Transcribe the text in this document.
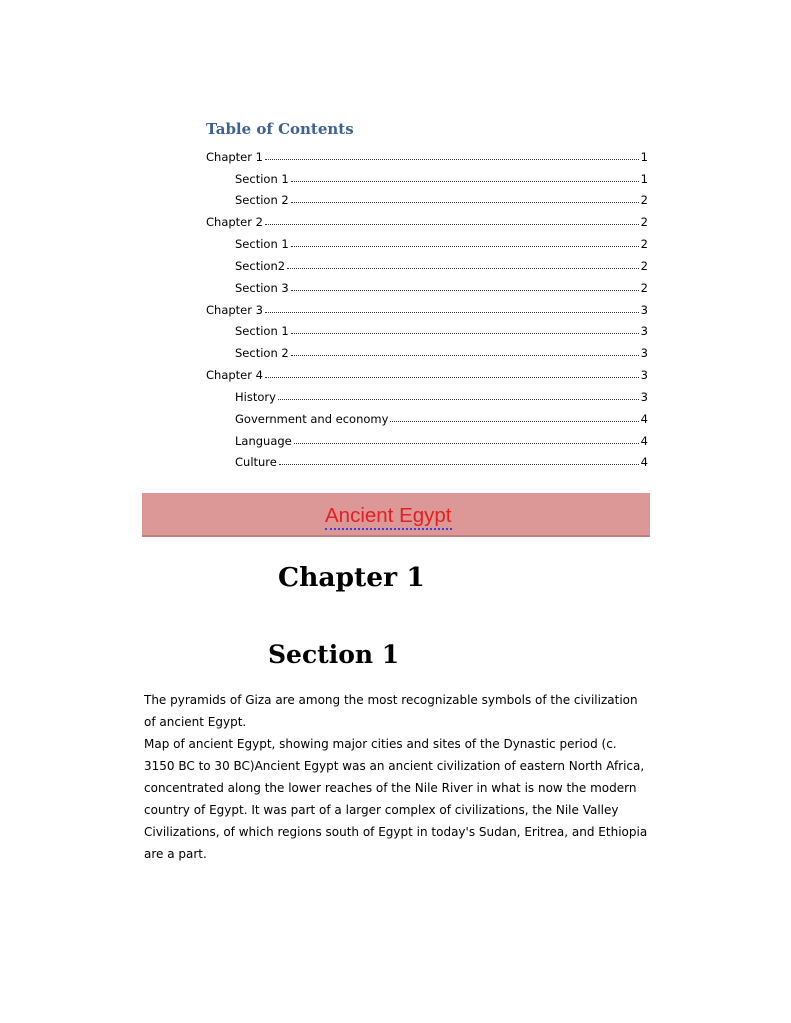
Table of Contents
Chapter 1	1
Section 1	1
Section 2	2
Chapter 2	2
Section 1	2
Section2	2
Section 3	2
Chapter 3	3
Section 1	3
Section 2	3
Chapter 4	3
History	3
Government and economy	4
Language	4
Culture	4
Ancient Egypt
Chapter 1
Section 1

The pyramids of Giza are among the most recognizable symbols of the civilization of ancient Egypt.

Map of ancient Egypt, showing major cities and sites of the Dynastic period (c. 3150 BC to 30 BC)Ancient Egypt was an ancient civilization of eastern North Africa, concentrated along the lower reaches of the Nile River in what is now the modern country of Egypt. It was part of a larger complex of civilizations, the Nile Valley Civilizations, of which regions south of Egypt in today's Sudan, Eritrea, and Ethiopia are a part.
